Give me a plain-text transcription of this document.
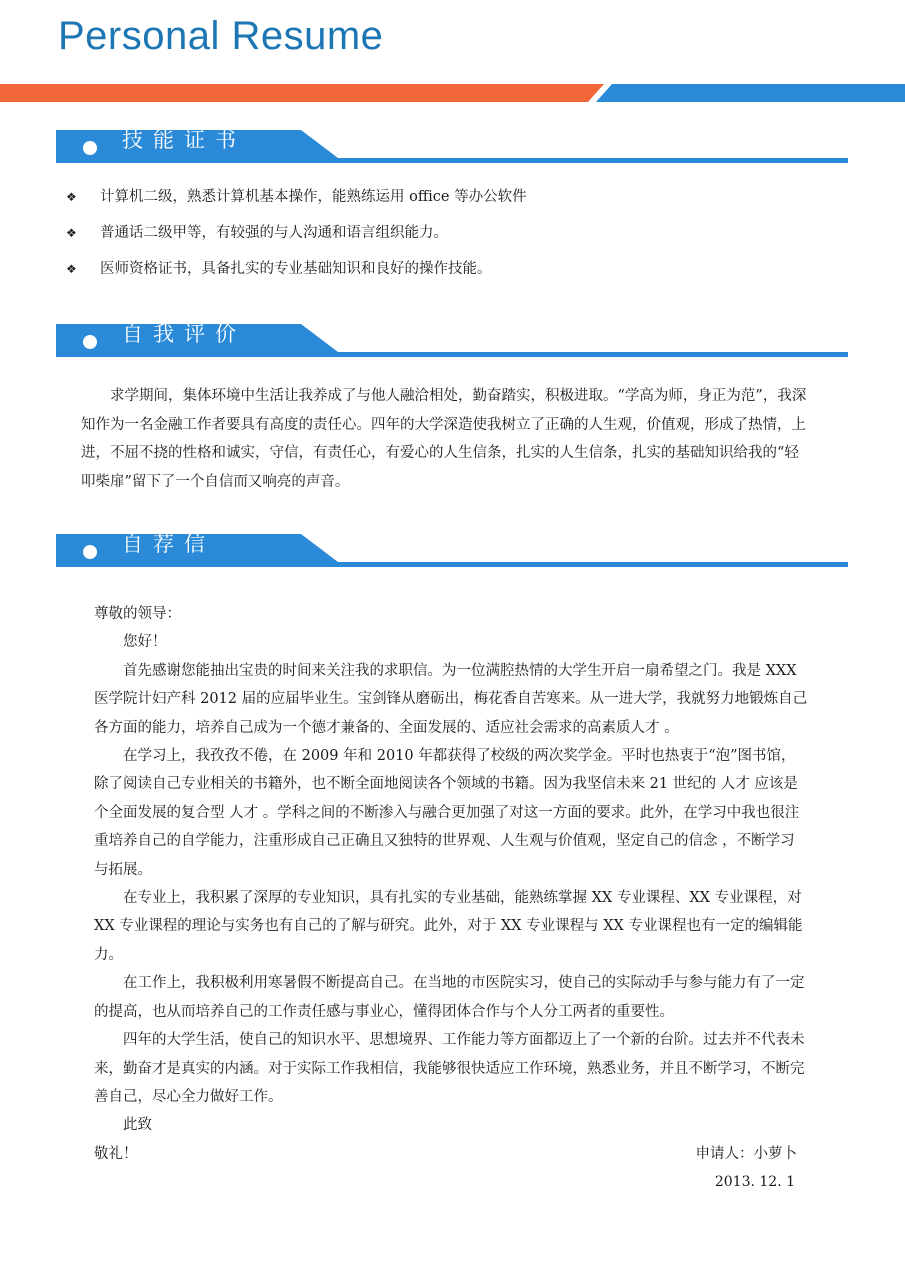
Personal Resume
技能证书
❖	计算机二级，熟悉计算机基本操作，能熟练运用 office 等办公软件
❖	普通话二级甲等，有较强的与人沟通和语言组织能力。
❖	医师资格证书，具备扎实的专业基础知识和良好的操作技能。
自我评价

求学期间，集体环境中生活让我养成了与他人融洽相处，勤奋踏实，积极进取。“学高为师，身正为范”，我深知作为一名金融工作者要具有高度的责任心。四年的大学深造使我树立了正确的人生观，价值观，形成了热情，上进，不屈不挠的性格和诚实，守信，有责任心，有爱心的人生信条，扎实的人生信条，扎实的基础知识给我的“轻叩柴扉”留下了一个自信而又响亮的声音。

自荐信

尊敬的领导：

您好！

首先感谢您能抽出宝贵的时间来关注我的求职信。为一位满腔热情的大学生开启一扇希望之门。我是 XXX 医学院计妇产科 2012 届的应届毕业生。宝剑锋从磨砺出，梅花香自苦寒来。从一进大学，我就努力地锻炼自己各方面的能力，培养自己成为一个德才兼备的、全面发展的、适应社会需求的高素质人才 。

在学习上，我孜孜不倦，在 2009 年和 2010 年都获得了校级的两次奖学金。平时也热衷于“泡”图书馆，除了阅读自己专业相关的书籍外，也不断全面地阅读各个领域的书籍。因为我坚信未来 21 世纪的 人才 应该是个全面发展的复合型 人才 。学科之间的不断渗入与融合更加强了对这一方面的要求。此外，在学习中我也很注重培养自己的自学能力，注重形成自己正确且又独特的世界观、人生观与价值观，坚定自己的信念 ，不断学习与拓展。

在专业上，我积累了深厚的专业知识，具有扎实的专业基础，能熟练掌握 XX 专业课程、XX 专业课程，对 XX 专业课程的理论与实务也有自己的了解与研究。此外，对于 XX 专业课程与 XX 专业课程也有一定的编辑能力。

在工作上，我积极利用寒暑假不断提高自己。在当地的市医院实习，使自己的实际动手与参与能力有了一定的提高，也从而培养自己的工作责任感与事业心，懂得团体合作与个人分工两者的重要性。

四年的大学生活，使自己的知识水平、思想境界、工作能力等方面都迈上了一个新的台阶。过去并不代表未来，勤奋才是真实的内涵。对于实际工作我相信，我能够很快适应工作环境，熟悉业务，并且不断学习，不断完善自己，尽心全力做好工作。

此致

敬礼！	申请人：小萝卜

2013. 12. 1
